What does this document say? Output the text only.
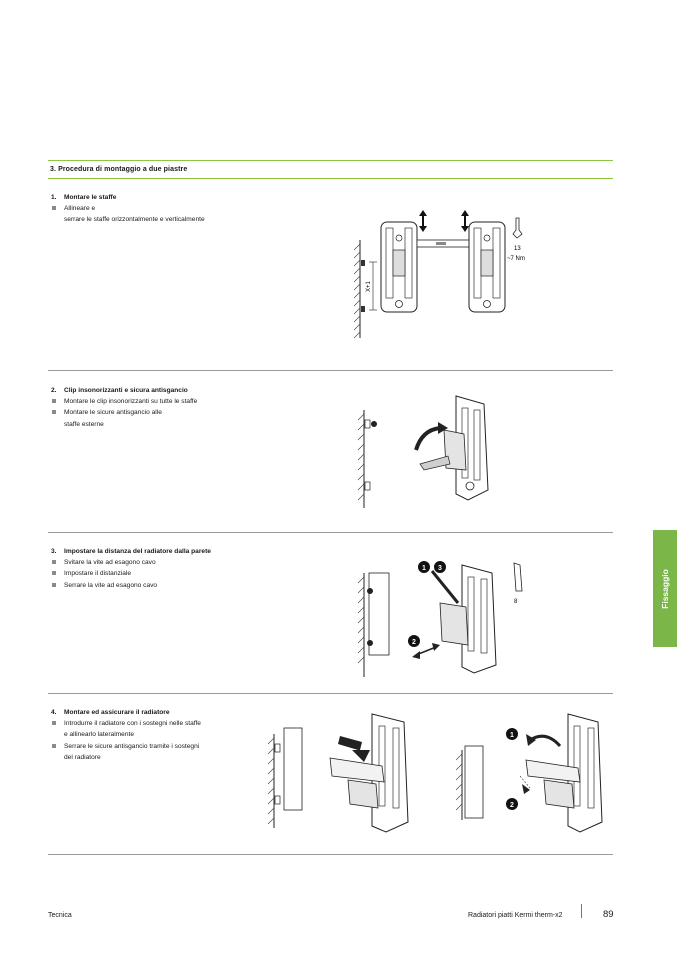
3. Procedura di montaggio a due piastre
1.	Montare le staffe
Allineare e
serrare le staffe orizzontalmente e verticalmente
X+1
13
~7 Nm
2.	Clip insonorizzanti e sicura antisgancio
Montare le clip insonorizzanti su tutte le staffe
Montare le sicure antisgancio alle
staffe esterne
3.	Impostare la distanza del radiatore dalla parete
Svitare la vite ad esagono cavo
Impostare il distanziale
Serrare la vite ad esagono cavo
8
1 3
2
4.	Montare ed assicurare il radiatore
Introdurre il radiatore con i sostegni nelle staffe
e allinearlo lateralmente
Serrare le sicure antisgancio tramite i sostegni
del radiatore
1
2
Fissaggio
Tecnica	Radiatori piatti Kermi therm-x2	89
